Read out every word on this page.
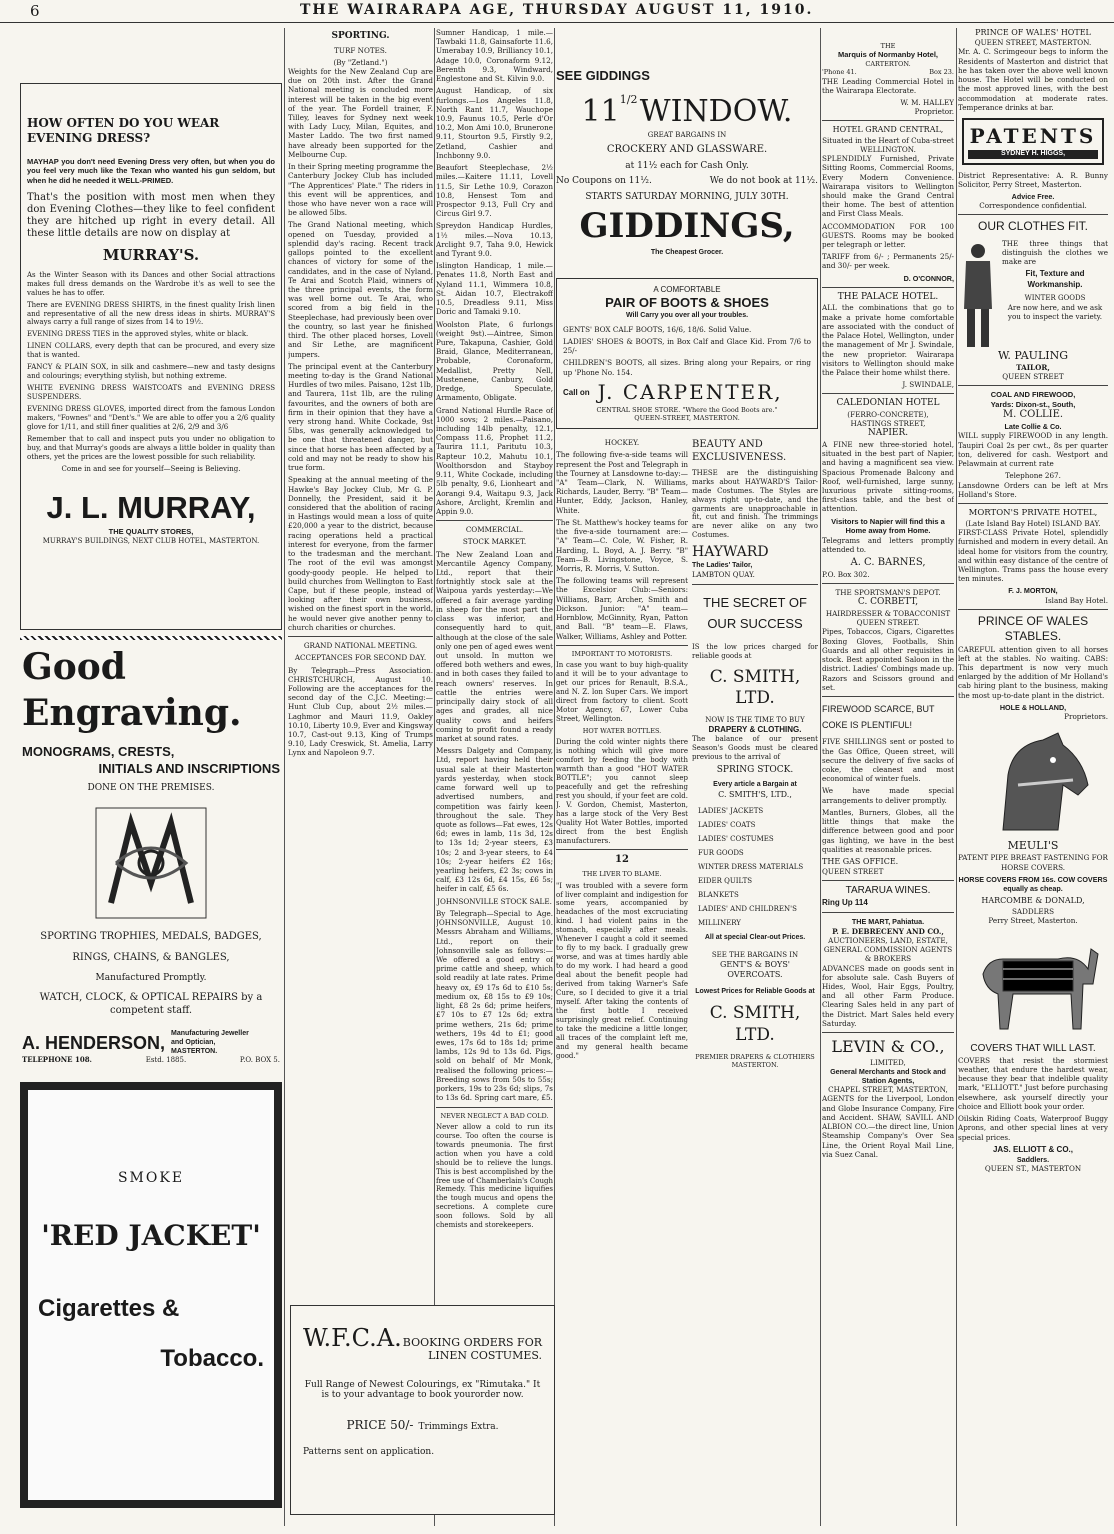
6	THE WAIRARAPA AGE, THURSDAY AUGUST 11, 1910.
HOW OFTEN DO YOU WEAR EVENING DRESS?

MAYHAP you don't need Evening Dress very often, but when you do you feel very much like the Texan who wanted his gun seldom, but when he did he needed it WELL-PRIMED.

That's the position with most men when they don Evening Clothes—they like to feel confident they are hitched up right in every detail. All these little details are now on display at

MURRAY'S.

As the Winter Season with its Dances and other Social attractions makes full dress demands on the Wardrobe it's as well to see the values he has to offer.

There are EVENING DRESS SHIRTS, in the finest quality Irish linen and representative of all the new dress ideas in shirts. MURRAY'S always carry a full range of sizes from 14 to 19½.

EVENING DRESS TIES in the approved styles, white or black.

LINEN COLLARS, every depth that can be procured, and every size that is wanted.

FANCY & PLAIN SOX, in silk and cashmere—new and tasty designs and colourings; everything stylish, but nothing extreme.

WHITE EVENING DRESS WAISTCOATS and EVENING DRESS SUSPENDERS.

EVENING DRESS GLOVES, imported direct from the famous London makers, "Fownes" and "Dent's." We are able to offer you a 2/6 quality glove for 1/11, and still finer qualities at 2/6, 2/9 and 3/6

Remember that to call and inspect puts you under no obligation to buy, and that Murray's goods are always a little bolder in quality than others, yet the prices are the lowest possible for such reliability.

Come in and see for yourself—Seeing is Believing.

J. L. MURRAY,
THE QUALITY STORES,
MURRAY'S BUILDINGS, NEXT CLUB HOTEL, MASTERTON.
Good Engraving.
MONOGRAMS, CRESTS,
INITIALS AND INSCRIPTIONS
DONE ON THE PREMISES.
SPORTING TROPHIES, MEDALS, BADGES,
RINGS, CHAINS, & BANGLES,
Manufactured Promptly.
WATCH, CLOCK, & OPTICAL REPAIRS by a competent staff.
A. HENDERSON, Manufacturing Jeweller and Optician, MASTERTON.
TELEPHONE 108.	Estd. 1885.	P.O. BOX 5.
SMOKE
'RED JACKET'
Cigarettes &
Tobacco.
SPORTING.
TURF NOTES.
(By "Zetland.")

Weights for the New Zealand Cup are due on 20th inst. After the Grand National meeting is concluded more interest will be taken in the big event of the year. The Fordell trainer, F. Tilley, leaves for Sydney next week with Lady Lucy, Milan, Equites, and Master Laddo. The two first named have already been supported for the Melbourne Cup.

In their Spring meeting programme the Canterbury Jockey Club has included "The Apprentices' Plate." The riders in this event will be apprentices, and those who have never won a race will be allowed 5lbs.

The Grand National meeting, which opened on Tuesday, provided a splendid day's racing. Recent track gallops pointed to the excellent chances of victory for some of the candidates, and in the case of Nyland, Te Arai and Scotch Plaid, winners of the three principal events, the form was well borne out. Te Arai, who scored from a big field in the Steeplechase, had previously been over the country, so last year he finished third. The other placed horses, Lovell and Sir Lethe, are magnificent jumpers.

The principal event at the Canterbury meeting to-day is the Grand National Hurdles of two miles. Paisano, 12st 1lb, and Taurera, 11st 1lb, are the ruling favourites, and the owners of both are firm in their opinion that they have a very strong hand. White Cockade, 9st 5lbs, was generally acknowledged to be one that threatened danger, but since that horse has been affected by a cold and may not be ready to show his true form.

Speaking at the annual meeting of the Hawke's Bay Jockey Club, Mr G. P. Donnelly, the President, said it be considered that the abolition of racing in Hastings would mean a loss of quite £20,000 a year to the district, because racing operations held a practical interest for everyone, from the farmer to the tradesman and the merchant. The root of the evil was amongst goody-goody people. He helped to build churches from Wellington to East Cape, but if these people, instead of looking after their own business, wished on the finest sport in the world, he would never give another penny to church charities or churches.

GRAND NATIONAL MEETING.
ACCEPTANCES FOR SECOND DAY.

By Telegraph—Press Association. CHRISTCHURCH, August 10. Following are the acceptances for the second day of the C.J.C. Meeting:— Hunt Club Cup, about 2½ miles.—Laghmor and Mauri 11.9, Oakley 10.10, Liberty 10.9, Ever and Kingsway 10.7, Cast-out 9.13, King of Trumps 9.10, Lady Creswick, St. Amelia, Larry Lynx and Napoleon 9.7.

Sumner Handicap, 1 mile.—Tawbaki 11.8, Gainsaforte 11.6, Umerabay 10.9, Brilliancy 10.1, Adage 10.0, Coronaform 9.12, Berenth 9.3, Windward, Englestone and St. Kilvin 9.0.

August Handicap, of six furlongs.—Los Angeles 11.8, North Rant 11.7, Wauchope 10.9, Faunus 10.5, Perle d'Or 10.2, Mon Ami 10.0, Brunerone 9.11, Stourton 9.5, Firstly 9.2, Zetland, Cashier and Inchbonny 9.0.

Beaufort Steeplechase, 2½ miles.—Kaitere 11.11, Lovell 11.5, Sir Lethe 10.9, Corazon 10.8, Hensest Tom and Prospector 9.13, Full Cry and Circus Girl 9.7.

Spreydon Handicap Hurdles, 1½ miles.—Nova 10.13, Arclight 9.7, Taha 9.0, Hewick and Tyrant 9.0.

Islington Handicap, 1 mile.—Penates 11.8, North East and Nyland 11.1, Wimmera 10.8, St. Aidan 10.7, Electrakoff 10.5, Dreadless 9.11, Miss Doric and Tamaki 9.10.

Woolston Plate, 6 furlongs (weight 9st).—Aintree, Simon Pure, Takapuna, Cashier, Gold Braid, Glance, Mediterranean, Probable, Coronaform, Medallist, Pretty Nell, Mustenene, Canbury, Gold Dredge, Speculate, Armamento, Obligate.

Grand National Hurdle Race of 1000 sovs; 2 miles.—Paisano, including 14lb penalty, 12.1, Compass 11.6, Prophet 11.2, Taurira 11.1, Paritutu 10.3, Rapteur 10.2, Mahutu 10.1, Woolthorsdon and Stayboy 9.11, White Cockade, including 5lb penalty, 9.6, Lionheart and Aorangi 9.4, Waitapu 9.3, Jack Ashore, Arclight, Kremlin and Appin 9.0.

COMMERCIAL.
STOCK MARKET.

The New Zealand Loan and Mercantile Agency Company, Ltd., report that their fortnightly stock sale at the Waipoua yards yesterday:—We offered a fair average yarding in sheep for the most part the class was inferior, and consequently hard to quit, although at the close of the sale only one pen of aged ewes went out unsold. In mutton we offered both wethers and ewes, and in both cases they failed to reach owners' reserves. In cattle the entries were principally dairy stock of all ages and grades, all nice quality cows and heifers coming to profit found a ready market at sound rates.

Messrs Dalgety and Company, Ltd, report having held their usual sale at their Masterton yards yesterday, when stock came forward well up to advertised numbers, and competition was fairly keen throughout the sale. They quote as follows—Fat ewes, 12s 6d; ewes in lamb, 11s 3d, 12s to 13s 1d; 2-year steers, £3 10s; 2 and 3-year steers, to £4 10s; 2-year heifers £2 16s; yearling heifers, £2 3s; cows in calf, £3 12s 6d, £4 15s, £6 5s; heifer in calf, £5 6s.

JOHNSONVILLE STOCK SALE.

By Telegraph—Special to Age. JOHNSONVILLE, August 10. Messrs Abraham and Williams, Ltd., report on their Johnsonville sale as follows:—We offered a good entry of prime cattle and sheep, which sold readily at late rates. Prime heavy ox, £9 17s 6d to £10 5s; medium ox, £8 15s to £9 10s; light, £8 2s 6d; prime heifers, £7 10s to £7 12s 6d; extra prime wethers, 21s 6d; prime wethers, 19s 4d to £1; good ewes, 17s 6d to 18s 1d; prime lambs, 12s 9d to 13s 6d. Pigs, sold on behalf of Mr Monk, realised the following prices:—Breeding sows from 50s to 55s; porkers, 19s to 23s 6d; slips, 7s to 13s 6d. Spring cart mare, £5.

NEVER NEGLECT A BAD COLD.

Never allow a cold to run its course. Too often the course is towards pneumonia. The first action when you have a cold should be to relieve the lungs. This is best accomplished by the free use of Chamberlain's Cough Remedy. This medicine liquifies the tough mucus and opens the secretions. A complete cure soon follows. Sold by all chemists and storekeepers.

SEE GIDDINGS
111/2 WINDOW.
GREAT BARGAINS IN
CROCKERY AND GLASSWARE.
at 11½ each for Cash Only.
No Coupons on 11½.	We do not book at 11½.
STARTS SATURDAY MORNING, JULY 30TH.
GIDDINGS,
The Cheapest Grocer.
A COMFORTABLE
PAIR OF BOOTS & SHOES
Will Carry you over all your troubles.

GENTS' BOX CALF BOOTS, 16/6, 18/6. Solid Value.

LADIES' SHOES & BOOTS, in Box Calf and Glace Kid. From 7/6 to 25/-

CHILDREN'S BOOTS, all sizes. Bring along your Repairs, or ring up 'Phone No. 154.

Call on J. CARPENTER,
CENTRAL SHOE STORE. "Where the Good Boots are."
QUEEN-STREET, MASTERTON.
HOCKEY.

The following five-a-side teams will represent the Post and Telegraph in the Tourney at Lansdowne to-day:— "A" Team—Clark, N. Williams, Richards, Lauder, Berry. "B" Team—Hunter, Eddy, Jackson, Hanley, White.

The St. Matthew's hockey teams for the five-a-side tournament are:— "A" Team—C. Cole, W. Fisher, R. Harding, L. Boyd, A. J. Berry. "B" Team—B. Livingstone, Voyce, S. Morris, R. Morris, V. Sutton.

The following teams will represent the Excelsior Club:—Seniors: Williams, Barr, Archer, Smith and Dickson. Junior: "A" team—Hornblow, McGinnity, Ryan, Patton and Ball. "B" team—E. Flaws, Walker, Williams, Ashley and Potter.

IMPORTANT TO MOTORISTS.

In case you want to buy high-quality and it will be to your advantage to get our prices for Renault, B.S.A., and N. Z. lon Super Cars. We import direct from factory to client. Scott Motor Agency, 67, Lower Cuba Street, Wellington.

HOT WATER BOTTLES.

During the cold winter nights there is nothing which will give more comfort by feeding the body with warmth than a good "HOT WATER BOTTLE"; you cannot sleep peacefully and get the refreshing rest you should, if your feet are cold. J. V. Gordon, Chemist, Masterton, has a large stock of the Very Best Quality Hot Water Bottles, imported direct from the best English manufacturers.

12
THE LIVER TO BLAME.

"I was troubled with a severe form of liver complaint and indigestion for some years, accompanied by headaches of the most excruciating kind. I had violent pains in the stomach, especially after meals. Whenever I caught a cold it seemed to fly to my back. I gradually grew worse, and was at times hardly able to do my work. I had heard a good deal about the benefit people had derived from taking Warner's Safe Cure, so I decided to give it a trial myself. After taking the contents of the first bottle I received surprisingly great relief. Continuing to take the medicine a little longer, all traces of the complaint left me, and my general health became good."

BEAUTY AND EXCLUSIVENESS.

THESE are the distinguishing marks about HAYWARD'S Tailor-made Costumes. The Styles are always right up-to-date, and the garments are unapproachable in fit, cut and finish. The trimmings are never alike on any two Costumes.

HAYWARD
The Ladies' Tailor,
LAMBTON QUAY.
THE SECRET OF OUR SUCCESS

IS the low prices charged for reliable goods at

C. SMITH, LTD.
NOW IS THE TIME TO BUY
DRAPERY & CLOTHING.

The balance of our present Season's Goods must be cleared previous to the arrival of

SPRING STOCK.
Every article a Bargain at
C. SMITH'S, LTD.,
LADIES' JACKETS
LADIES' COATS
LADIES' COSTUMES
FUR GOODS
WINTER DRESS MATERIALS
EIDER QUILTS
BLANKETS
LADIES' AND CHILDREN'S MILLINERY
All at special Clear-out Prices.
SEE THE BARGAINS IN
GENT'S & BOYS' OVERCOATS.
Lowest Prices for Reliable Goods at
C. SMITH, LTD.
PREMIER DRAPERS & CLOTHIERS
MASTERTON.
W.F.C.A. BOOKING ORDERS FOR LINEN COSTUMES.
Full Range of Newest Colourings, ex "Rimutaka." It is to your advantage to book yourorder now.
PRICE 50/- Trimmings Extra.
Patterns sent on application.
THE
Marquis of Normanby Hotel,
CARTERTON.
'Phone 41.	Box 23.

THE Leading Commercial Hotel in the Wairarapa Electorate.

W. M. HALLEY
Proprietor.
HOTEL GRAND CENTRAL,
Situated in the Heart of Cuba-street WELLINGTON.

SPLENDIDLY Furnished, Private Sitting Rooms, Commercial Rooms, Every Modern Convenience. Wairarapa visitors to Wellington should make the Grand Central their home. The best of attention and First Class Meals.

ACCOMMODATION FOR 100 GUESTS. Rooms may be booked per telegraph or letter.

TARIFF from 6/- ; Permanents 25/- and 30/- per week.

D. O'CONNOR,
THE PALACE HOTEL.

ALL the combinations that go to make a private home comfortable are associated with the conduct of the Palace Hotel, Wellington, under the management of Mr J. Swindale, the new proprietor. Wairarapa visitors to Wellington should make the Palace their home whilst there.

J. SWINDALE,
CALEDONIAN HOTEL
(FERRO-CONCRETE),
HASTINGS STREET,
NAPIER.

A FINE new three-storied hotel, situated in the best part of Napier, and having a magnificent sea view. Spacious Promenade Balcony and Roof, well-furnished, large sunny, luxurious private sitting-rooms, first-class table, and the best of attention.

Visitors to Napier will find this a Home away from Home.

Telegrams and letters promptly attended to.

A. C. BARNES,
P.O. Box 302.
THE SPORTSMAN'S DEPOT.
C. CORBETT,
HAIRDRESSER & TOBACCONIST
QUEEN STREET.

Pipes, Tobaccos, Cigars, Cigarettes Boxing Gloves, Footballs, Shin Guards and all other requisites in stock. Best appointed Saloon in the district. Ladies' Combings made up. Razors and Scissors ground and set.

FIREWOOD SCARCE, BUT COKE IS PLENTIFUL!

FIVE SHILLINGS sent or posted to the Gas Office, Queen street, will secure the delivery of five sacks of coke, the cleanest and most economical of winter fuels.

We have made special arrangements to deliver promptly.

Mantles, Burners, Globes, all the little things that make the difference between good and poor gas lighting, we have in the best qualities at reasonable prices.

THE GAS OFFICE.
QUEEN STREET
TARARUA WINES.
Ring Up 114
THE MART, Pahiatua.
P. E. DEBRECENY AND CO.,
AUCTIONEERS, LAND, ESTATE, GENERAL COMMISSION AGENTS & BROKERS

ADVANCES made on goods sent in for absolute sale. Cash Buyers of Hides, Wool, Hair Eggs, Poultry, and all other Farm Produce. Clearing Sales held in any part of the District. Mart Sales held every Saturday.

LEVIN & CO.,
LIMITED,
General Merchants and Stock and Station Agents,
CHAPEL STREET, MASTERTON,

AGENTS for the Liverpool, London and Globe Insurance Company, Fire and Accident. SHAW, SAVILL AND ALBION CO.—the direct line, Union Steamship Company's Over Sea Line, the Orient Royal Mail Line, via Suez Canal.

PRINCE OF WALES' HOTEL
QUEEN STREET, MASTERTON.

Mr. A. C. Scrimgeour begs to inform the Residents of Masterton and district that he has taken over the above well known house. The Hotel will be conducted on the most approved lines, with the best accommodation at moderate rates. Temperance drinks at bar.

PATENTS
SYDNEY H. HIGGS,

District Representative: A. R. Bunny Solicitor, Perry Street, Masterton.

Advice Free.
Correspondence confidential.
OUR CLOTHES FIT.

THE three things that distinguish the clothes we make are

Fit, Texture and Workmanship.
WINTER GOODS

Are now here, and we ask you to inspect the variety.

W. PAULING
TAILOR,
QUEEN STREET
COAL AND FIREWOOD,
Yards: Dixon-st., South,
M. COLLIE.
Late Collie & Co.

WILL supply FIREWOOD in any length. Taupiri Coal 2s per cwt., 8s per quarter ton, delivered for cash. Westport and Pelawmain at current rate

Telephone 267.

Lansdowne Orders can be left at Mrs Holland's Store.

MORTON'S PRIVATE HOTEL,
(Late Island Bay Hotel) ISLAND BAY.

FIRST-CLASS Private Hotel, splendidly furnished and modern in every detail. An ideal home for visitors from the country, and within easy distance of the centre of Wellington. Trams pass the house every ten minutes.

F. J. MORTON,
Island Bay Hotel.
PRINCE OF WALES STABLES.

CAREFUL attention given to all horses left at the stables. No waiting. CABS: This department is now very much enlarged by the addition of Mr Holland's cab hiring plant to the business, making the most up-to-date plant in the district.

HOLE & HOLLAND,
Proprietors.
MEULI'S

PATENT PIPE BREAST FASTENING FOR HORSE COVERS.

HORSE COVERS FROM 16s. COW COVERS equally as cheap.

HARCOMBE & DONALD,
SADDLERS
Perry Street, Masterton.
COVERS THAT WILL LAST.

COVERS that resist the stormiest weather, that endure the hardest wear, because they bear that indelible quality mark, "ELLIOTT." Just before purchasing elsewhere, ask yourself directly your choice and Elliott book your order.

Oilskin Riding Coats, Waterproof Buggy Aprons, and other special lines at very special prices.

JAS. ELLIOTT & CO.,
Saddlers.
QUEEN ST., MASTERTON
